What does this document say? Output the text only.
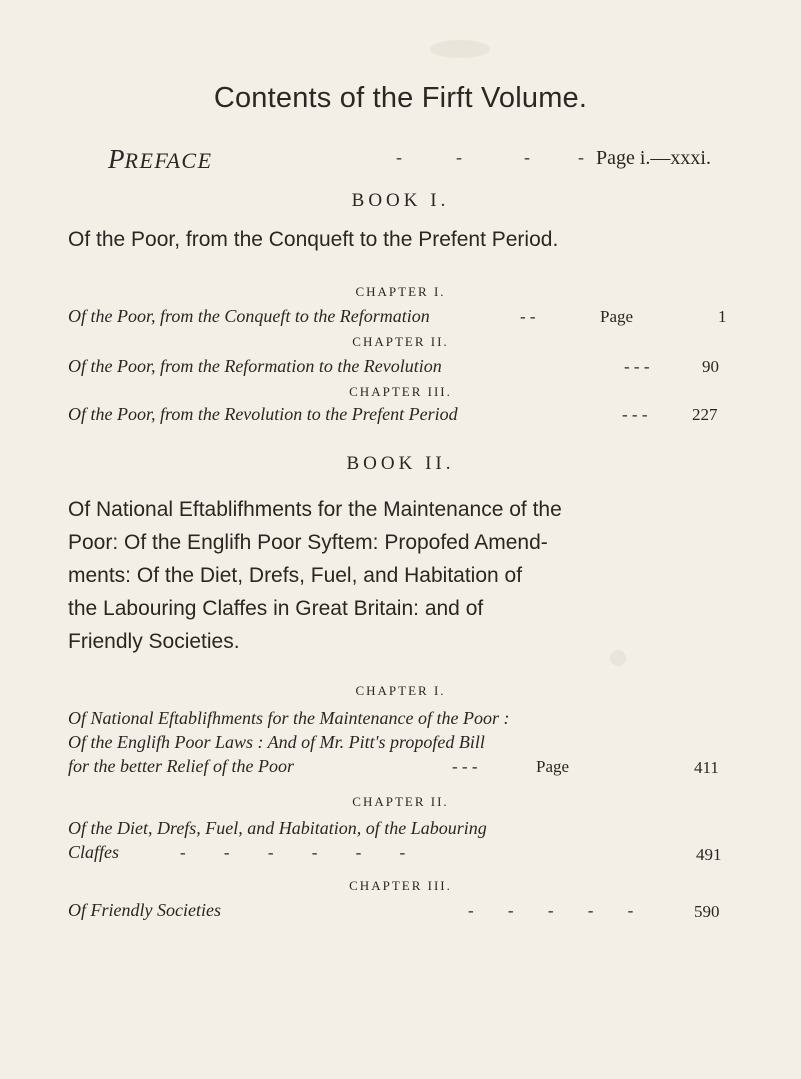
Contents of the Firft Volume.
PREFACE	-	-	-	- Page i.—xxxi.
BOOK I.
Of the Poor, from the Conqueft to the Prefent Period.
CHAPTER I.
Of the Poor, from the Conqueft to the Reformation	- -	Page	1
CHAPTER II.
Of the Poor, from the Reformation to the Revolution	- - -	90
CHAPTER III.
Of the Poor, from the Revolution to the Prefent Period	- - -	227
BOOK II.
Of National Eftablifhments for the Maintenance of the
Poor: Of the Englifh Poor Syftem: Propofed Amend-
ments: Of the Diet, Drefs, Fuel, and Habitation of
the Labouring Claffes in Great Britain: and of
Friendly Societies.
CHAPTER I.
Of National Eftablifhments for the Maintenance of the Poor :
Of the Englifh Poor Laws : And of Mr. Pitt's propofed Bill
for the better Relief of the Poor	- - -	Page	411
CHAPTER II.
Of the Diet, Drefs, Fuel, and Habitation, of the Labouring
Claffes	- - - - - -	491
CHAPTER III.
Of Friendly Societies	- - - - -	590
